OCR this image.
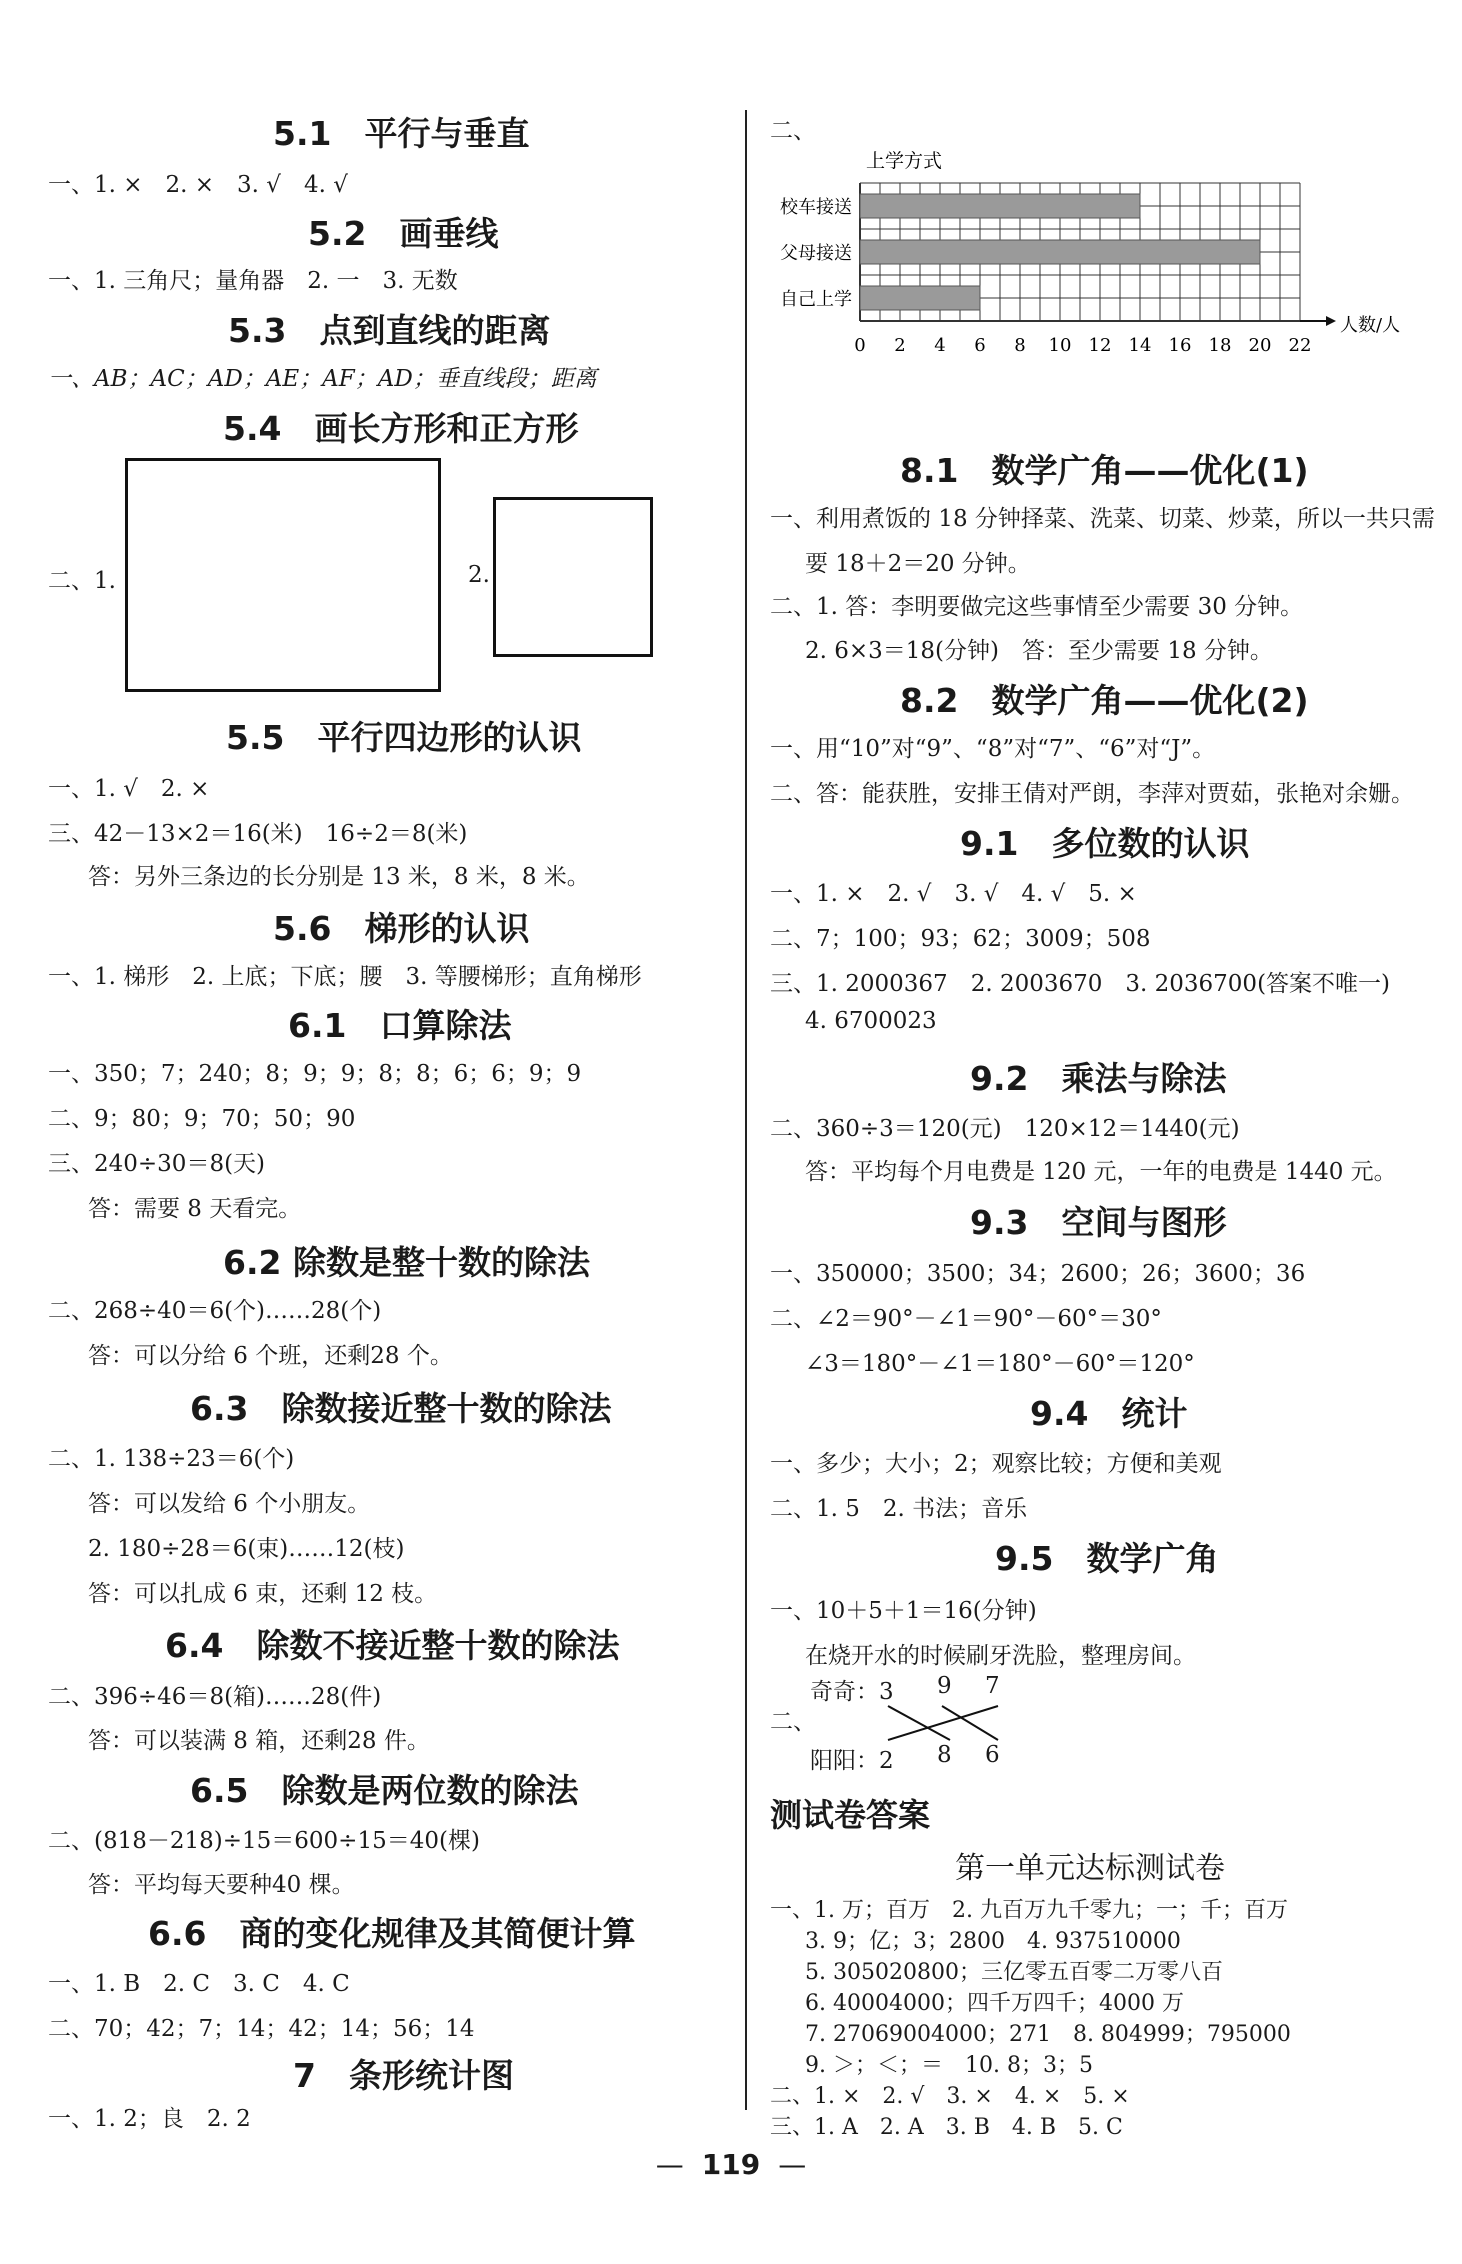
5.1　平行与垂直
一、1. ×　2. ×　3. √　4. √
5.2　画垂线
一、1. 三角尺；量角器　2. 一　3. 无数
5.3　点到直线的距离
一、AB；AC；AD；AE；AF；AD；垂直线段；距离
5.4　画长方形和正方形
二、1.	2.
5.5　平行四边形的认识
一、1. √　2. ×
三、42－13×2＝16(米)　16÷2＝8(米)
答：另外三条边的长分别是 13 米，8 米，8 米。
5.6　梯形的认识
一、1. 梯形　2. 上底；下底；腰　3. 等腰梯形；直角梯形
6.1　口算除法
一、350；7；240；8；9；9；8；8；6；6；9；9
二、9；80；9；70；50；90
三、240÷30＝8(天)
答：需要 8 天看完。
6.2 除数是整十数的除法
二、268÷40＝6(个)……28(个)
答：可以分给 6 个班，还剩28 个。
6.3　除数接近整十数的除法
二、1. 138÷23＝6(个)
答：可以发给 6 个小朋友。
2. 180÷28＝6(束)……12(枝)
答：可以扎成 6 束，还剩 12 枝。
6.4　除数不接近整十数的除法
二、396÷46＝8(箱)……28(件)
答：可以装满 8 箱，还剩28 件。
6.5　除数是两位数的除法
二、(818－218)÷15＝600÷15＝40(棵)
答：平均每天要种40 棵。
6.6　商的变化规律及其简便计算
一、1. B　2. C　3. C　4. C
二、70；42；7；14；42；14；56；14
7　条形统计图
一、1. 2；良　2. 2
二、
上学方式
校车接送
父母接送
自己上学
0 2 4 6 8 10 12 14 16 18 20 22
人数/人
8.1　数学广角——优化(1)
一、利用煮饭的 18 分钟择菜、洗菜、切菜、炒菜，所以一共只需
要 18＋2＝20 分钟。
二、1. 答：李明要做完这些事情至少需要 30 分钟。
2. 6×3＝18(分钟)　答：至少需要 18 分钟。
8.2　数学广角——优化(2)
一、用“10”对“9”、“8”对“7”、“6”对“J”。
二、答：能获胜，安排王倩对严朗，李萍对贾茹，张艳对余姗。
9.1　多位数的认识
一、1. ×　2. √　3. √　4. √　5. ×
二、7；100；93；62；3009；508
三、1. 2000367　2. 2003670　3. 2036700(答案不唯一)
4. 6700023
9.2　乘法与除法
二、360÷3＝120(元)　120×12＝1440(元)
答：平均每个月电费是 120 元，一年的电费是 1440 元。
9.3　空间与图形
一、350000；3500；34；2600；26；3600；36
二、∠2＝90°－∠1＝90°－60°＝30°
∠3＝180°－∠1＝180°－60°＝120°
9.4　统计
一、多少；大小；2；观察比较；方便和美观
二、1. 5　2. 书法；音乐
9.5　数学广角
一、10＋5＋1＝16(分钟)
在烧开水的时候刷牙洗脸，整理房间。
二、
奇奇：3 9 7
阳阳：2 8 6
测试卷答案
第一单元达标测试卷
一、1. 万；百万　2. 九百万九千零九；一；千；百万
3. 9；亿；3；2800　4. 937510000
5. 305020800；三亿零五百零二万零八百
6. 40004000；四千万四千；4000 万
7. 27069004000；271　8. 804999；795000
9. ＞；＜；＝　10. 8；3；5
二、1. ×　2. √　3. ×　4. ×　5. ×
三、1. A　2. A　3. B　4. B　5. C
— 119 —
